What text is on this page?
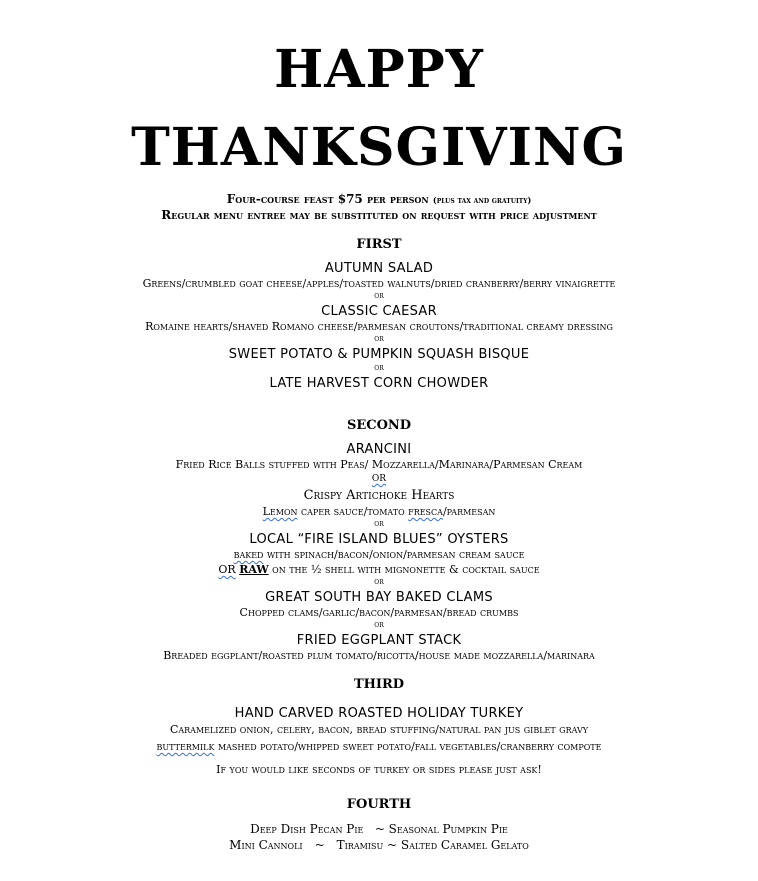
HAPPY
THANKSGIVING
Four-course feast $75 per person (plus tax and gratuity)
Regular menu entree may be substituted on request with price adjustment
FIRST
AUTUMN SALAD
Greens/crumbled goat cheese/apples/toasted walnuts/dried cranberry/berry vinaigrette
or
CLASSIC CAESAR
Romaine hearts/shaved Romano cheese/parmesan croutons/traditional creamy dressing
or
SWEET POTATO & PUMPKIN SQUASH BISQUE
or
LATE HARVEST CORN CHOWDER
SECOND
ARANCINI
Fried Rice Balls stuffed with Peas/ Mozzarella/Marinara/Parmesan Cream
OR
Crispy Artichoke Hearts
Lemon caper sauce/tomato fresca/parmesan
or
LOCAL “FIRE ISLAND BLUES” OYSTERS
baked with spinach/bacon/onion/parmesan cream sauce
OR RAW on the ½ shell with mignonette & cocktail sauce
or
GREAT SOUTH BAY BAKED CLAMS
Chopped clams/garlic/bacon/parmesan/bread crumbs
or
FRIED EGGPLANT STACK
Breaded eggplant/roasted plum tomato/ricotta/house made mozzarella/marinara
THIRD
HAND CARVED ROASTED HOLIDAY TURKEY
Caramelized onion, celery, bacon, bread stuffing/natural pan jus giblet gravy
buttermilk mashed potato/whipped sweet potato/fall vegetables/cranberry compote
If you would like seconds of turkey or sides please just ask!
FOURTH
Deep Dish Pecan Pie ~ Seasonal Pumpkin Pie
Mini Cannoli ~ Tiramisu ~ Salted Caramel Gelato
